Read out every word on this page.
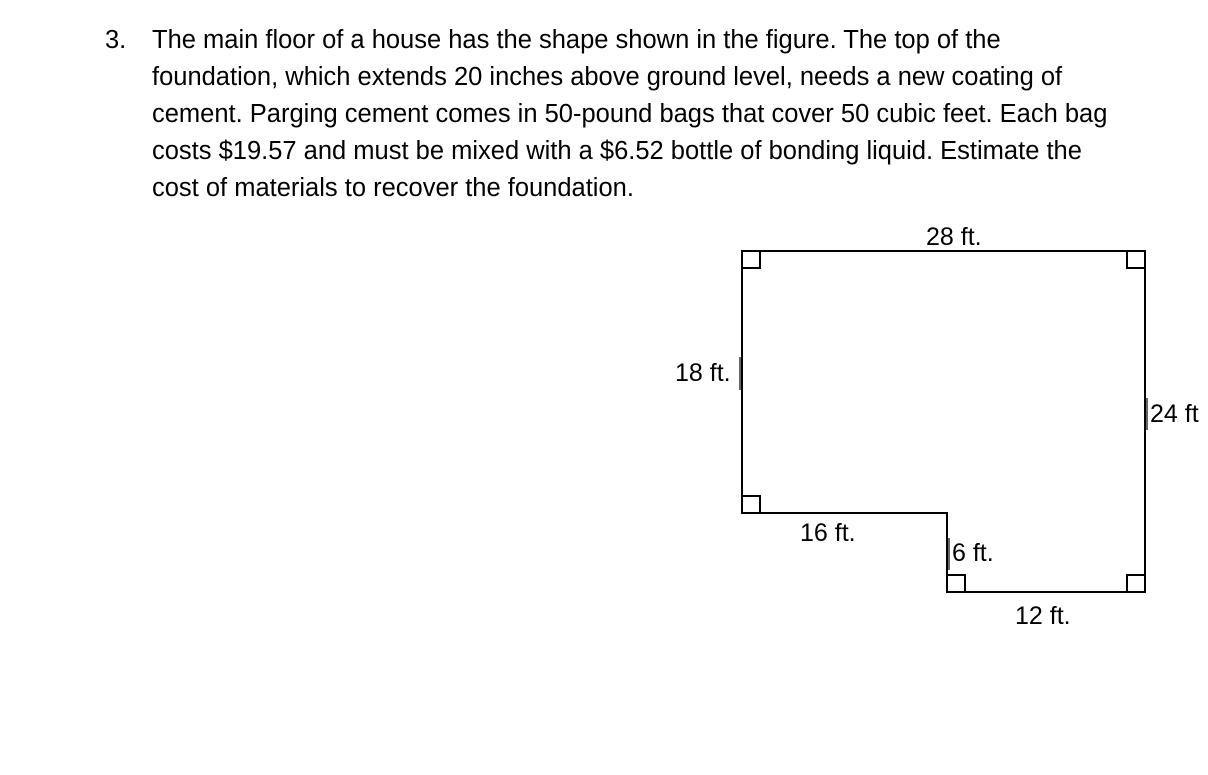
3.	The main floor of a house has the shape shown in the figure. The top of the
foundation, which extends 20 inches above ground level, needs a new coating of
cement. Parging cement comes in 50-pound bags that cover 50 cubic feet. Each bag
costs $19.57 and must be mixed with a $6.52 bottle of bonding liquid. Estimate the
cost of materials to recover the foundation.
28 ft.
18 ft.
24 ft
16 ft.
6 ft.
12 ft.
